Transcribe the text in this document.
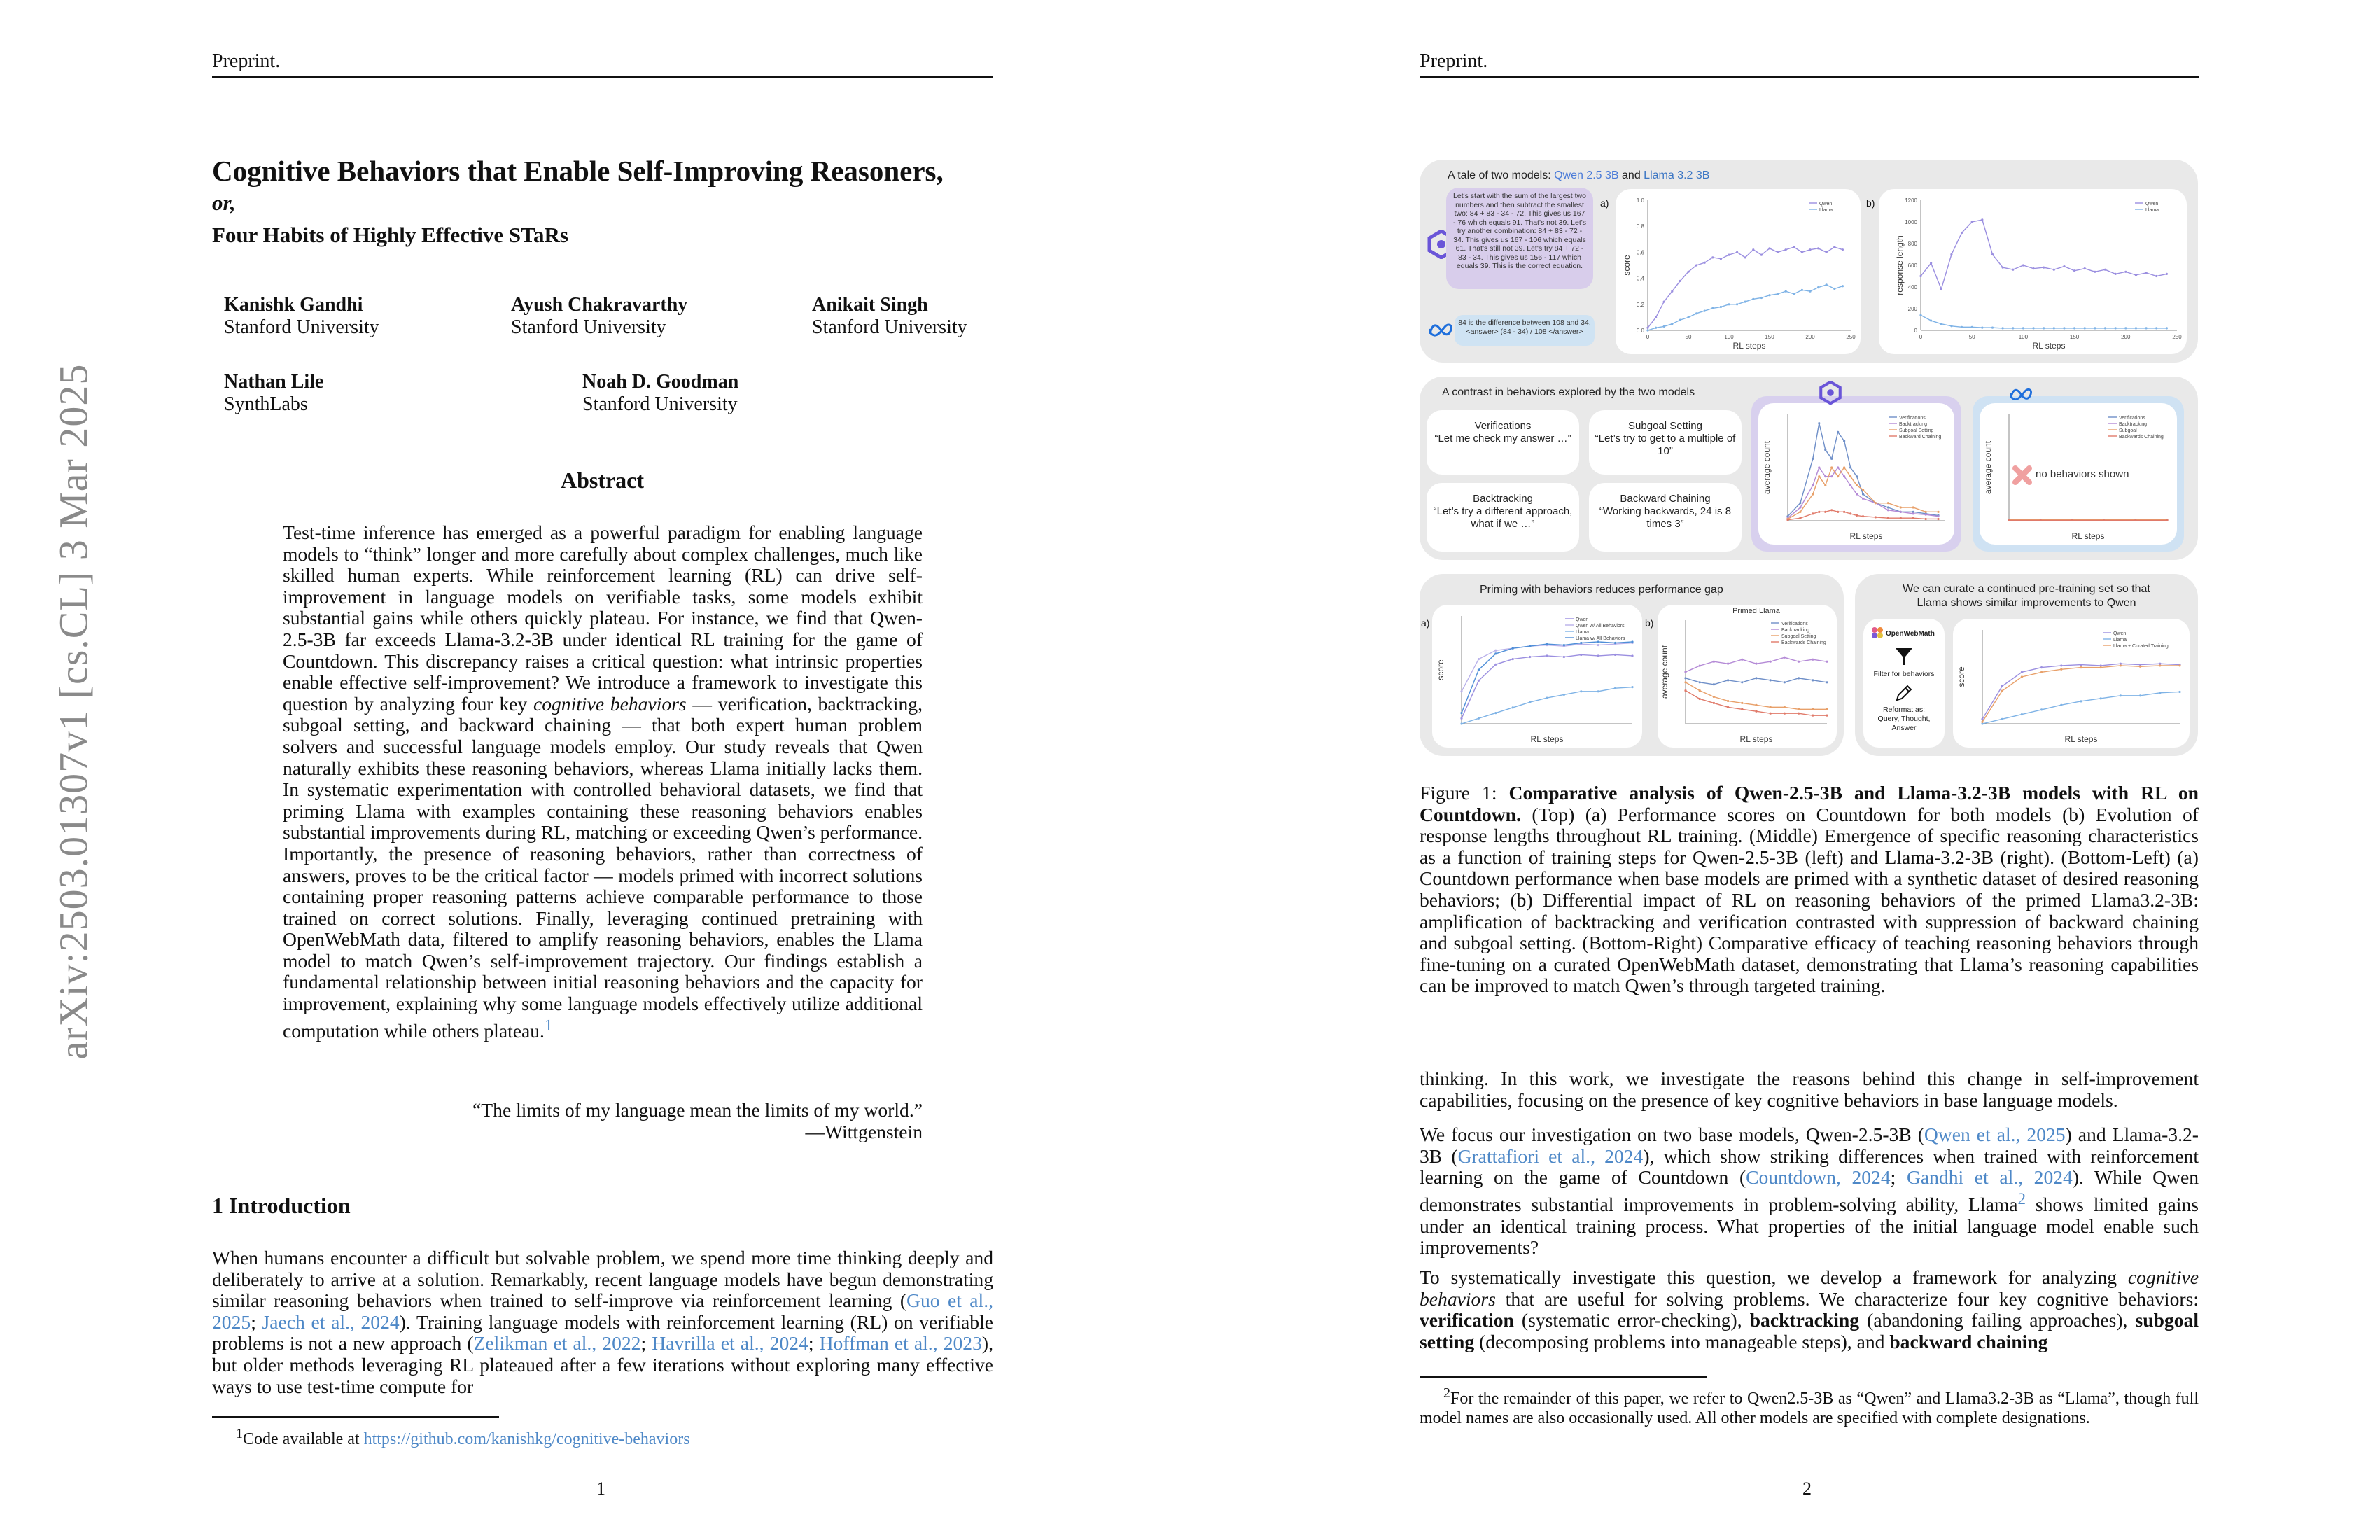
Preprint.
arXiv:2503.01307v1 [cs.CL] 3 Mar 2025
Cognitive Behaviors that Enable Self-Improving Reasoners,
or,
Four Habits of Highly Effective STaRs
Kanishk Gandhi
Stanford University
Ayush Chakravarthy
Stanford University
Anikait Singh
Stanford University
Nathan Lile
SynthLabs
Noah D. Goodman
Stanford University
Abstract

Test-time inference has emerged as a powerful paradigm for enabling language models to “think” longer and more carefully about complex challenges, much like skilled human experts. While reinforcement learning (RL) can drive self-improvement in language models on verifiable tasks, some models exhibit substantial gains while others quickly plateau. For instance, we find that Qwen-2.5-3B far exceeds Llama-3.2-3B under identical RL training for the game of Countdown. This discrepancy raises a critical question: what intrinsic properties enable effective self-improvement? We introduce a framework to investigate this question by analyzing four key cognitive behaviors — verification, backtracking, subgoal setting, and backward chaining — that both expert human problem solvers and successful language models employ. Our study reveals that Qwen naturally exhibits these reasoning behaviors, whereas Llama initially lacks them. In systematic experimentation with controlled behavioral datasets, we find that priming Llama with examples containing these reasoning behaviors enables substantial improvements during RL, matching or exceeding Qwen’s performance. Importantly, the presence of reasoning behaviors, rather than correctness of answers, proves to be the critical factor — models primed with incorrect solutions containing proper reasoning patterns achieve comparable performance to those trained on correct solutions. Finally, leveraging continued pretraining with OpenWebMath data, filtered to amplify reasoning behaviors, enables the Llama model to match Qwen’s self-improvement trajectory. Our findings establish a fundamental relationship between initial reasoning behaviors and the capacity for improvement, explaining why some language models effectively utilize additional computation while others plateau.$^1$

“The limits of my language mean the limits of my world.”
—Wittgenstein
1 Introduction

When humans encounter a difficult but solvable problem, we spend more time thinking deeply and deliberately to arrive at a solution. Remarkably, recent language models have begun demonstrating similar reasoning behaviors when trained to self-improve via reinforcement learning (Guo et al., 2025; Jaech et al., 2024). Training language models with reinforcement learning (RL) on verifiable problems is not a new approach (Zelikman et al., 2022; Havrilla et al., 2024; Hoffman et al., 2023), but older methods leveraging RL plateaued after a few iterations without exploring many effective ways to use test-time compute for

$^1$Code available at https://github.com/kanishkg/cognitive-behaviors

1
Preprint.
2
A tale of two models: Qwen 2.5 3B and Llama 3.2 3B
Let's start with the sum of the largest two numbers and then subtract the smallest two: 84 + 83 - 34 - 72. This gives us 167 - 76 which equals 91. That's not 39. Let's try another combination: 84 + 83 - 72 - 34. This gives us 167 - 106 which equals 61. That's still not 39. Let's try 84 + 72 - 83 - 34. This gives us 156 - 117 which equals 39. This is the correct equation.
84 is the difference between 108 and 34.
<answer> (84 - 34) / 108 </answer>
a)
0	50	100	150	200	250
0.0
0.2
0.4
0.6
0.8
1.0
RL steps
score
Qwen
Llama
b)
0	50	100	150	200	250
0
200
400
600
800
1000
1200
RL steps
response length
Qwen
Llama
A contrast in behaviors explored by the two models
Verifications
“Let me check my answer …”
Subgoal Setting
“Let’s try to get to a multiple of 10”
Backtracking
“Let’s try a different approach, what if we …”
Backward Chaining
“Working backwards, 24 is 8 times 3”
RL steps
average count
Verifications
Backtracking
Subgoal Setting
Backward Chaining
RL steps
average count
Verifications
Backtracking
Subgoal
Backwards Chaining
no behaviors shown
Priming with behaviors reduces performance gap
a)
RL steps
score
Qwen
Qwen w/ All Behaviors
Llama
Llama w/ All Behaviors
b)
RL steps
average count
Primed Llama
Verifications
Backtracking
Subgoal Setting
Backwards Chaining
We can curate a continued pre-training set so that
Llama shows similar improvements to Qwen
OpenWebMath
Filter for behaviors
Reformat as: Query, Thought, Answer
RL steps
score
Qwen
Llama
Llama + Curated Training

Figure 1: Comparative analysis of Qwen-2.5-3B and Llama-3.2-3B models with RL on Countdown. (Top) (a) Performance scores on Countdown for both models (b) Evolution of response lengths throughout RL training. (Middle) Emergence of specific reasoning characteristics as a function of training steps for Qwen-2.5-3B (left) and Llama-3.2-3B (right). (Bottom-Left) (a) Countdown performance when base models are primed with a synthetic dataset of desired reasoning behaviors; (b) Differential impact of RL on reasoning behaviors of the primed Llama3.2-3B: amplification of backtracking and verification contrasted with suppression of backward chaining and subgoal setting. (Bottom-Right) Comparative efficacy of teaching reasoning behaviors through fine-tuning on a curated OpenWebMath dataset, demonstrating that Llama’s reasoning capabilities can be improved to match Qwen’s through targeted training.

thinking. In this work, we investigate the reasons behind this change in self-improvement capabilities, focusing on the presence of key cognitive behaviors in base language models.

We focus our investigation on two base models, Qwen-2.5-3B (Qwen et al., 2025) and Llama-3.2-3B (Grattafiori et al., 2024), which show striking differences when trained with reinforcement learning on the game of Countdown (Countdown, 2024; Gandhi et al., 2024). While Qwen demonstrates substantial improvements in problem-solving ability, Llama$^2$ shows limited gains under an identical training process. What properties of the initial language model enable such improvements?

To systematically investigate this question, we develop a framework for analyzing cognitive behaviors that are useful for solving problems. We characterize four key cognitive behaviors: verification (systematic error-checking), backtracking (abandoning failing approaches), subgoal setting (decomposing problems into manageable steps), and backward chaining

$^2$For the remainder of this paper, we refer to Qwen2.5-3B as “Qwen” and Llama3.2-3B as “Llama”, though full model names are also occasionally used. All other models are specified with complete designations.
